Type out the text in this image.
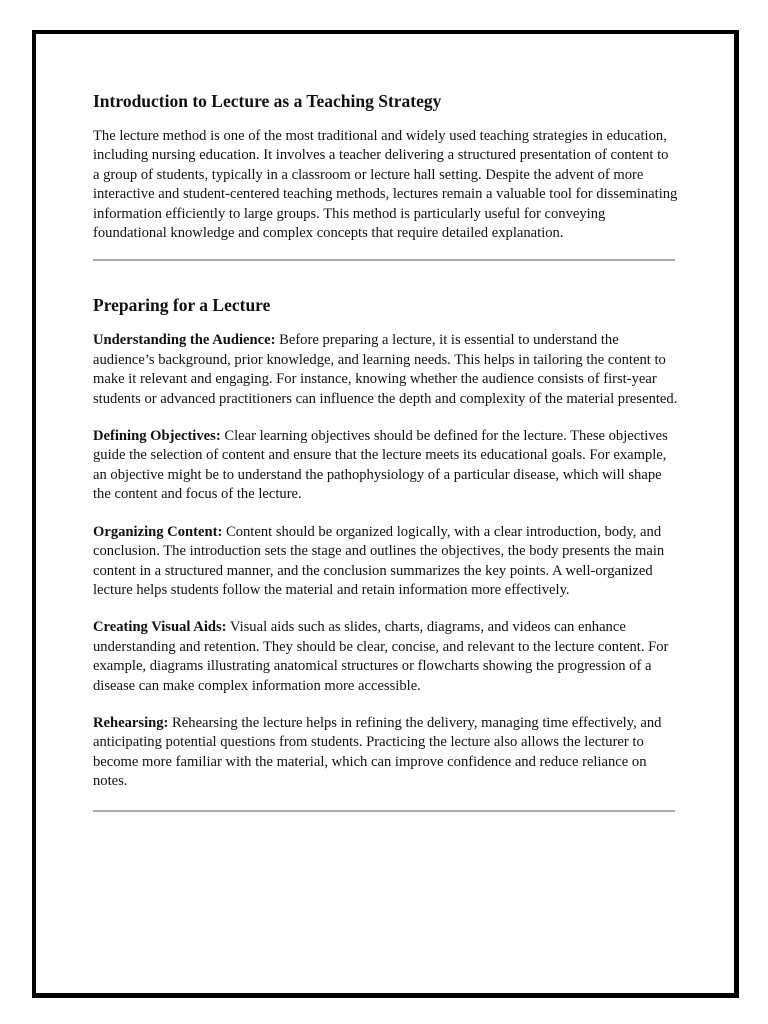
Introduction to Lecture as a Teaching Strategy

The lecture method is one of the most traditional and widely used teaching strategies in education, including nursing education. It involves a teacher delivering a structured presentation of content to a group of students, typically in a classroom or lecture hall setting. Despite the advent of more interactive and student-centered teaching methods, lectures remain a valuable tool for disseminating information efficiently to large groups. This method is particularly useful for conveying foundational knowledge and complex concepts that require detailed explanation.

Preparing for a Lecture

Understanding the Audience: Before preparing a lecture, it is essential to understand the audience’s background, prior knowledge, and learning needs. This helps in tailoring the content to make it relevant and engaging. For instance, knowing whether the audience consists of first-year students or advanced practitioners can influence the depth and complexity of the material presented.

Defining Objectives: Clear learning objectives should be defined for the lecture. These objectives guide the selection of content and ensure that the lecture meets its educational goals. For example, an objective might be to understand the pathophysiology of a particular disease, which will shape the content and focus of the lecture.

Organizing Content: Content should be organized logically, with a clear introduction, body, and conclusion. The introduction sets the stage and outlines the objectives, the body presents the main content in a structured manner, and the conclusion summarizes the key points. A well-organized lecture helps students follow the material and retain information more effectively.

Creating Visual Aids: Visual aids such as slides, charts, diagrams, and videos can enhance understanding and retention. They should be clear, concise, and relevant to the lecture content. For example, diagrams illustrating anatomical structures or flowcharts showing the progression of a disease can make complex information more accessible.

Rehearsing: Rehearsing the lecture helps in refining the delivery, managing time effectively, and anticipating potential questions from students. Practicing the lecture also allows the lecturer to become more familiar with the material, which can improve confidence and reduce reliance on notes.
